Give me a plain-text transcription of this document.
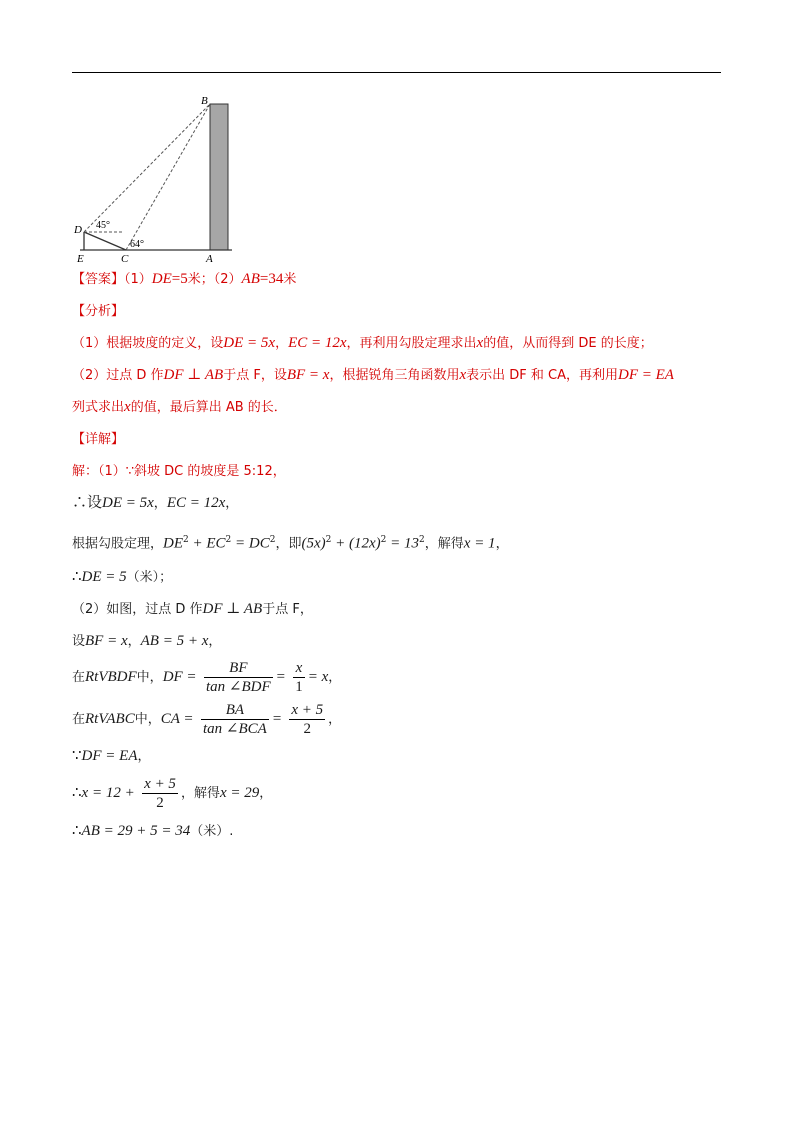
B
D
E	C	A
45°
64°
【答案】（1）DE=5米；（2）AB=34米
【分析】
（1）根据坡度的定义，设DE = 5x，EC = 12x，再利用勾股定理求出x的值，从而得到 DE 的长度；
（2）过点 D 作DF ⊥ AB于点 F，设BF = x，根据锐角三角函数用x表示出 DF 和 CA，再利用DF = EA
列式求出x的值，最后算出 AB 的长．
【详解】
解：（1）∵斜坡 DC 的坡度是 5:12，
∴设DE = 5x，EC = 12x，
根据勾股定理，$DE^2 + EC^2 = DC^2$，即$(5x)^2 + (12x)^2 = 13^2$，解得x = 1，
∴DE = 5（米）；
（2）如图，过点 D 作DF ⊥ AB于点 F，
设BF = x，AB = 5 + x，
在RtVBDF中，DF = $\frac{BF}{\text{tan ∠BDF}} = \frac{x}{1} = x$，
在RtVABC中，CA = $\frac{BA}{\text{tan ∠BCA}} = \frac{x + 5}{2}$ ，
∵DF = EA，
∴x = $12 + \frac{x + 5}{2}$ ，解得x = 29，
∴AB = 29 + 5 = 34（米）.
